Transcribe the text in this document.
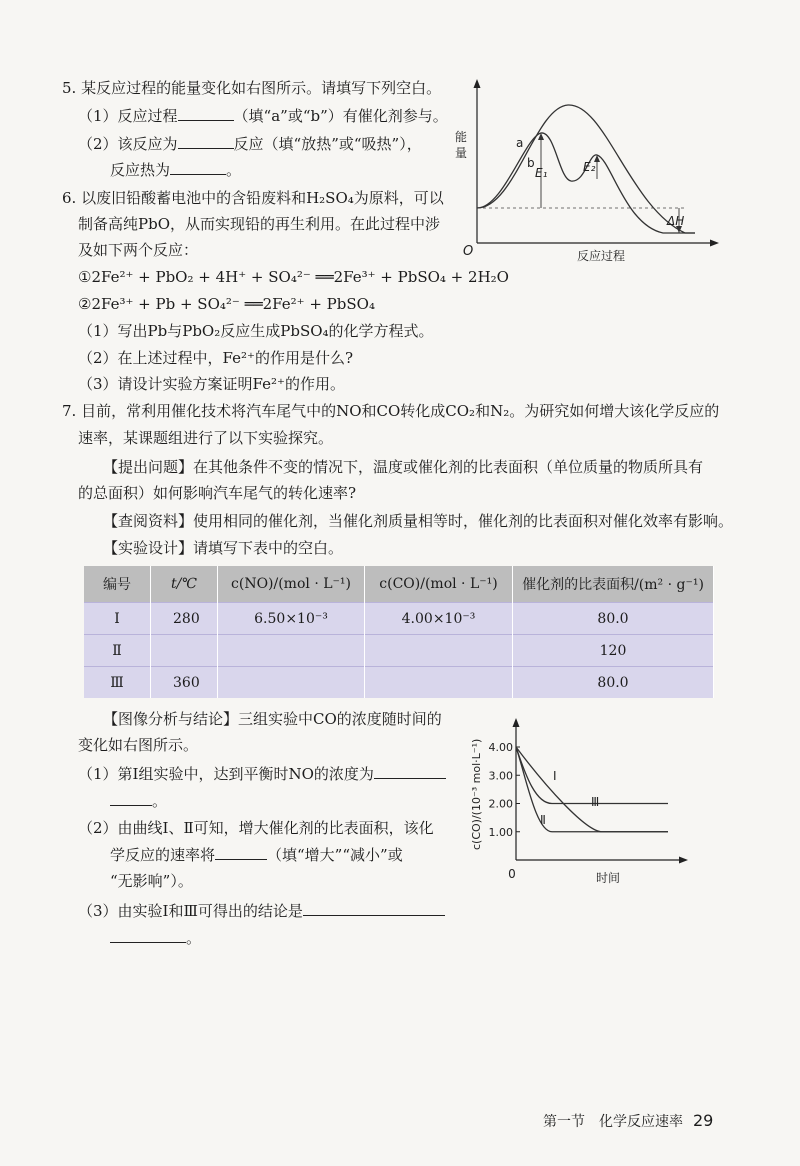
5. 某反应过程的能量变化如右图所示。请填写下列空白。
（1）反应过程	（填“a”或“b”）有催化剂参与。
（2）该反应为	反应（填“放热”或“吸热”），
反应热为	。
能
量
O	反应过程
a
b
E₁	E₂
ΔH
6. 以废旧铅酸蓄电池中的含铅废料和H₂SO₄为原料，可以
制备高纯PbO，从而实现铅的再生利用。在此过程中涉
及如下两个反应：
①2Fe²⁺ + PbO₂ + 4H⁺ + SO₄²⁻ ══2Fe³⁺ + PbSO₄ + 2H₂O
②2Fe³⁺ + Pb + SO₄²⁻ ══2Fe²⁺ + PbSO₄
（1）写出Pb与PbO₂反应生成PbSO₄的化学方程式。
（2）在上述过程中，Fe²⁺的作用是什么?
（3）请设计实验方案证明Fe²⁺的作用。
7. 目前，常利用催化技术将汽车尾气中的NO和CO转化成CO₂和N₂。为研究如何增大该化学反应的
速率，某课题组进行了以下实验探究。
【提出问题】在其他条件不变的情况下，温度或催化剂的比表面积（单位质量的物质所具有
的总面积）如何影响汽车尾气的转化速率?
【查阅资料】使用相同的催化剂，当催化剂质量相等时，催化剂的比表面积对催化效率有影响。
【实验设计】请填写下表中的空白。
编号	t/℃	c(NO)/(mol · L⁻¹)	c(CO)/(mol · L⁻¹)	催化剂的比表面积/(m² · g⁻¹)
Ⅰ	280	6.50×10⁻³	4.00×10⁻³	80.0
Ⅱ				120
Ⅲ	360			80.0
【图像分析与结论】三组实验中CO的浓度随时间的
变化如右图所示。
（1）第Ⅰ组实验中，达到平衡时NO的浓度为
。
（2）由曲线Ⅰ、Ⅱ可知，增大催化剂的比表面积，该化
学反应的速率将	（填“增大”“减小”或
“无影响”）。
（3）由实验Ⅰ和Ⅲ可得出的结论是
。
c(CO)/(10⁻³ mol·L⁻¹)
0	时间
4.00
3.00
2.00
1.00
Ⅰ
Ⅱ
Ⅲ
第一节　化学反应速率 29
